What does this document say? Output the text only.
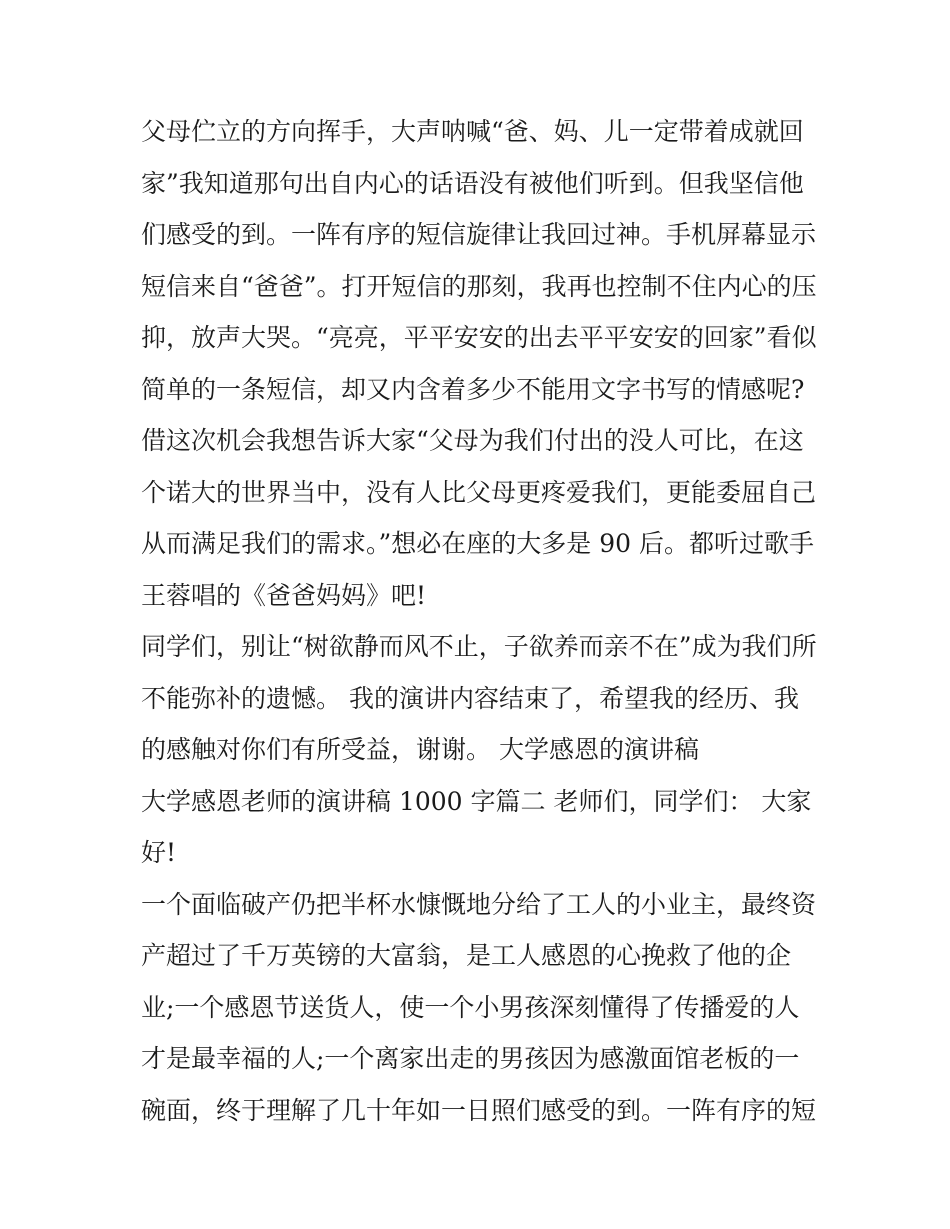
父母伫立的方向挥手，大声呐喊“爸、妈、儿一定带着成就回
家”我知道那句出自内心的话语没有被他们听到。但我坚信他
们感受的到。一阵有序的短信旋律让我回过神。手机屏幕显示
短信来自“爸爸”。打开短信的那刻，我再也控制不住内心的压
抑，放声大哭。“亮亮，平平安安的出去平平安安的回家”看似
简单的一条短信，却又内含着多少不能用文字书写的情感呢?
借这次机会我想告诉大家“父母为我们付出的没人可比，在这
个诺大的世界当中，没有人比父母更疼爱我们，更能委屈自己
从而满足我们的需求。”想必在座的大多是 90 后。都听过歌手
王蓉唱的《爸爸妈妈》吧!
同学们，别让“树欲静而风不止，子欲养而亲不在”成为我们所
不能弥补的遗憾。 我的演讲内容结束了，希望我的经历、我
的感触对你们有所受益，谢谢。 大学感恩的演讲稿
大学感恩老师的演讲稿 1000 字篇二 老师们，同学们： 大家
好!
一个面临破产仍把半杯水慷慨地分给了工人的小业主，最终资
产超过了千万英镑的大富翁，是工人感恩的心挽救了他的企
业;一个感恩节送货人，使一个小男孩深刻懂得了传播爱的人
才是最幸福的人;一个离家出走的男孩因为感激面馆老板的一
碗面，终于理解了几十年如一日照们感受的到。一阵有序的短
